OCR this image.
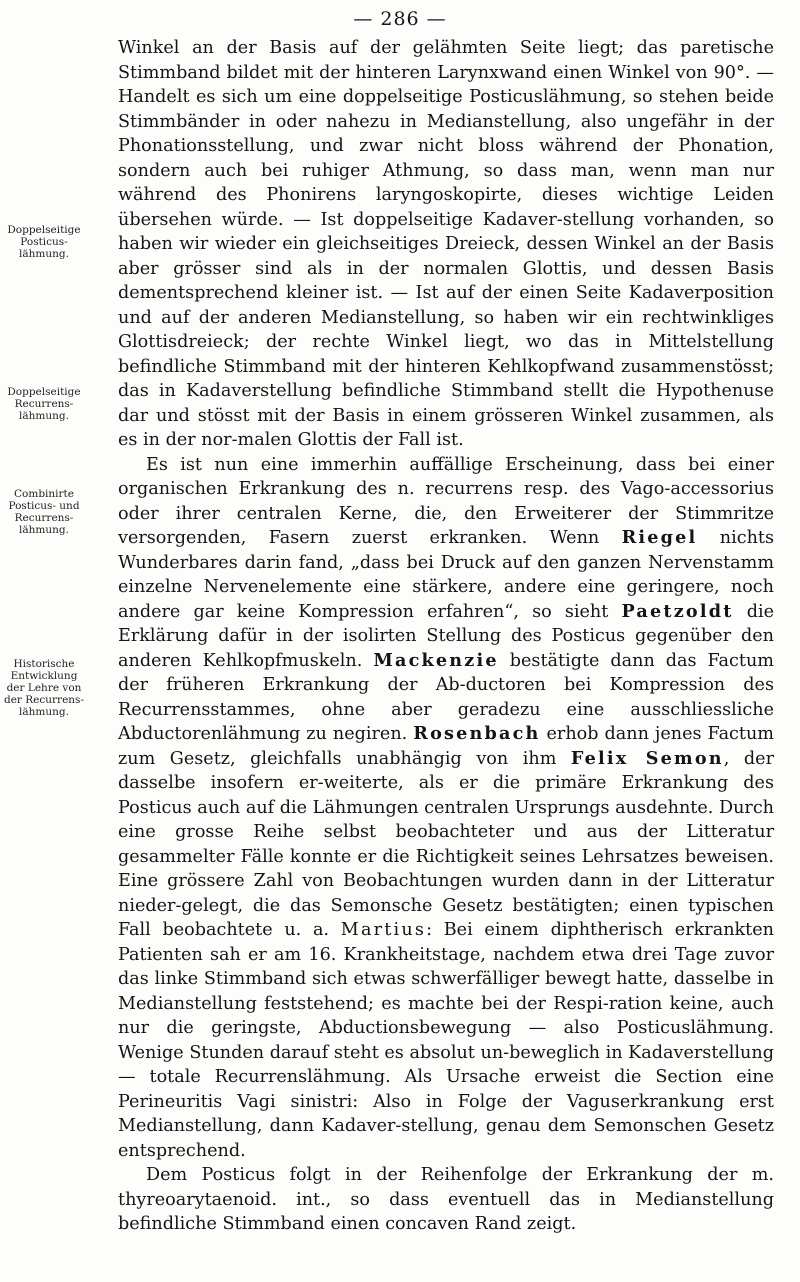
— 286 —
Doppelseitige Posticus-lähmung.
Doppelseitige Recurrens-lähmung.
Combinirte Posticus- und Recurrens-lähmung.
Historische Entwicklung der Lehre von der Recurrens-lähmung.

Winkel an der Basis auf der gelähmten Seite liegt; das paretische Stimmband bildet mit der hinteren Larynxwand einen Winkel von 90°. — Handelt es sich um eine doppelseitige Posticuslähmung, so stehen beide Stimmbänder in oder nahezu in Medianstellung, also ungefähr in der Phonationsstellung, und zwar nicht bloss während der Phonation, sondern auch bei ruhiger Athmung, so dass man, wenn man nur während des Phonirens laryngoskopirte, dieses wichtige Leiden übersehen würde. — Ist doppelseitige Kadaver-stellung vorhanden, so haben wir wieder ein gleichseitiges Dreieck, dessen Winkel an der Basis aber grösser sind als in der normalen Glottis, und dessen Basis dementsprechend kleiner ist. — Ist auf der einen Seite Kadaverposition und auf der anderen Medianstellung, so haben wir ein rechtwinkliges Glottisdreieck; der rechte Winkel liegt, wo das in Mittelstellung befindliche Stimmband mit der hinteren Kehlkopfwand zusammenstösst; das in Kadaverstellung befindliche Stimmband stellt die Hypothenuse dar und stösst mit der Basis in einem grösseren Winkel zusammen, als es in der nor-malen Glottis der Fall ist.

Es ist nun eine immerhin auffällige Erscheinung, dass bei einer organischen Erkrankung des n. recurrens resp. des Vago-accessorius oder ihrer centralen Kerne, die, den Erweiterer der Stimmritze versorgenden, Fasern zuerst erkranken. Wenn Riegel nichts Wunderbares darin fand, „dass bei Druck auf den ganzen Nervenstamm einzelne Nervenelemente eine stärkere, andere eine geringere, noch andere gar keine Kompression erfahren“, so sieht Paetzoldt die Erklärung dafür in der isolirten Stellung des Posticus gegenüber den anderen Kehlkopfmuskeln. Mackenzie bestätigte dann das Factum der früheren Erkrankung der Ab-ductoren bei Kompression des Recurrensstammes, ohne aber geradezu eine ausschliessliche Abductorenlähmung zu negiren. Rosenbach erhob dann jenes Factum zum Gesetz, gleichfalls unabhängig von ihm Felix Semon, der dasselbe insofern er-weiterte, als er die primäre Erkrankung des Posticus auch auf die Lähmungen centralen Ursprungs ausdehnte. Durch eine grosse Reihe selbst beobachteter und aus der Litteratur gesammelter Fälle konnte er die Richtigkeit seines Lehrsatzes beweisen. Eine grössere Zahl von Beobachtungen wurden dann in der Litteratur nieder-gelegt, die das Semonsche Gesetz bestätigten; einen typischen Fall beobachtete u. a. Martius: Bei einem diphtherisch erkrankten Patienten sah er am 16. Krankheitstage, nachdem etwa drei Tage zuvor das linke Stimmband sich etwas schwerfälliger bewegt hatte, dasselbe in Medianstellung feststehend; es machte bei der Respi-ration keine, auch nur die geringste, Abductionsbewegung — also Posticuslähmung. Wenige Stunden darauf steht es absolut un-beweglich in Kadaverstellung — totale Recurrenslähmung. Als Ursache erweist die Section eine Perineuritis Vagi sinistri: Also in Folge der Vaguserkrankung erst Medianstellung, dann Kadaver-stellung, genau dem Semonschen Gesetz entsprechend.

Dem Posticus folgt in der Reihenfolge der Erkrankung der m. thyreoarytaenoid. int., so dass eventuell das in Medianstellung befindliche Stimmband einen concaven Rand zeigt.
